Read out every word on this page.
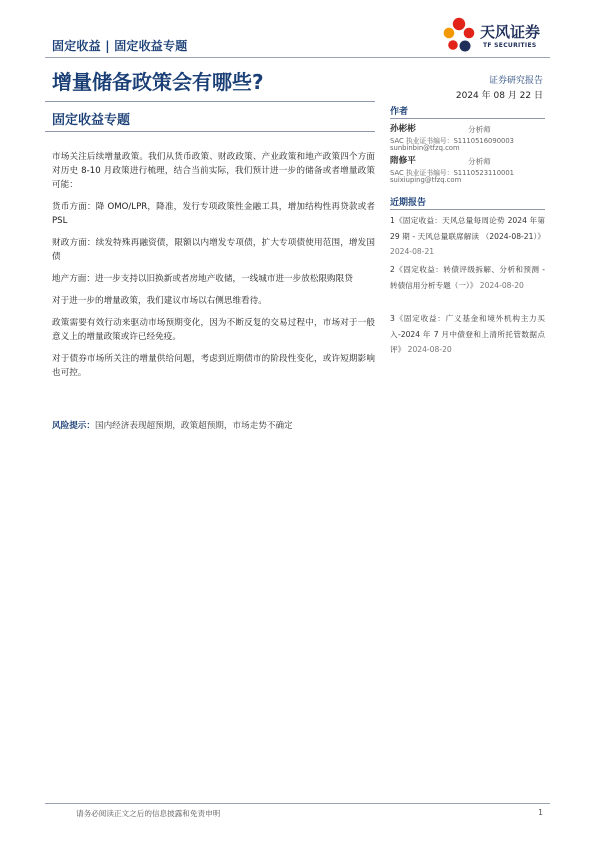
固定收益 | 固定收益专题
天风证券
TF SECURITIES
增量储备政策会有哪些?	证券研究报告
2024 年 08 月 22 日
固定收益专题

市场关注后续增量政策。我们从货币政策、财政政策、产业政策和地产政策四个方面对历史 8-10 月政策进行梳理，结合当前实际，我们预计进一步的储备或者增量政策可能：

货币方面：降 OMO/LPR，降准，发行专项政策性金融工具，增加结构性再贷款或者 PSL

财政方面：续发特殊再融资债，限额以内增发专项债，扩大专项债使用范围，增发国债

地产方面：进一步支持以旧换新或者房地产收储，一线城市进一步放松限购限贷

对于进一步的增量政策，我们建议市场以右侧思维看待。

政策需要有效行动来驱动市场预期变化，因为不断反复的交易过程中，市场对于一般意义上的增量政策或许已经免疫。

对于债券市场所关注的增量供给问题，考虑到近期债市的阶段性变化，或许短期影响也可控。

风险提示：国内经济表现超预期，政策超预期，市场走势不确定
作者
孙彬彬	分析师
SAC 执业证书编号：S1110516090003
sunbinbin@tfzq.com
隋修平	分析师
SAC 执业证书编号：S1110523110001
suixiuping@tfzq.com
近期报告
1《固定收益：天风总量每周论势 2024 年第 29 期 - 天风总量联席解读 （2024-08-21）》 2024-08-21
2《固定收益：转债评级拆解、分析和预测 - 转债信用分析专题（一）》 2024-08-20
3《固定收益：广义基金和境外机构主力买入-2024 年 7 月中债登和上清所托管数据点评》 2024-08-20
请务必阅读正文之后的信息披露和免责申明	1
